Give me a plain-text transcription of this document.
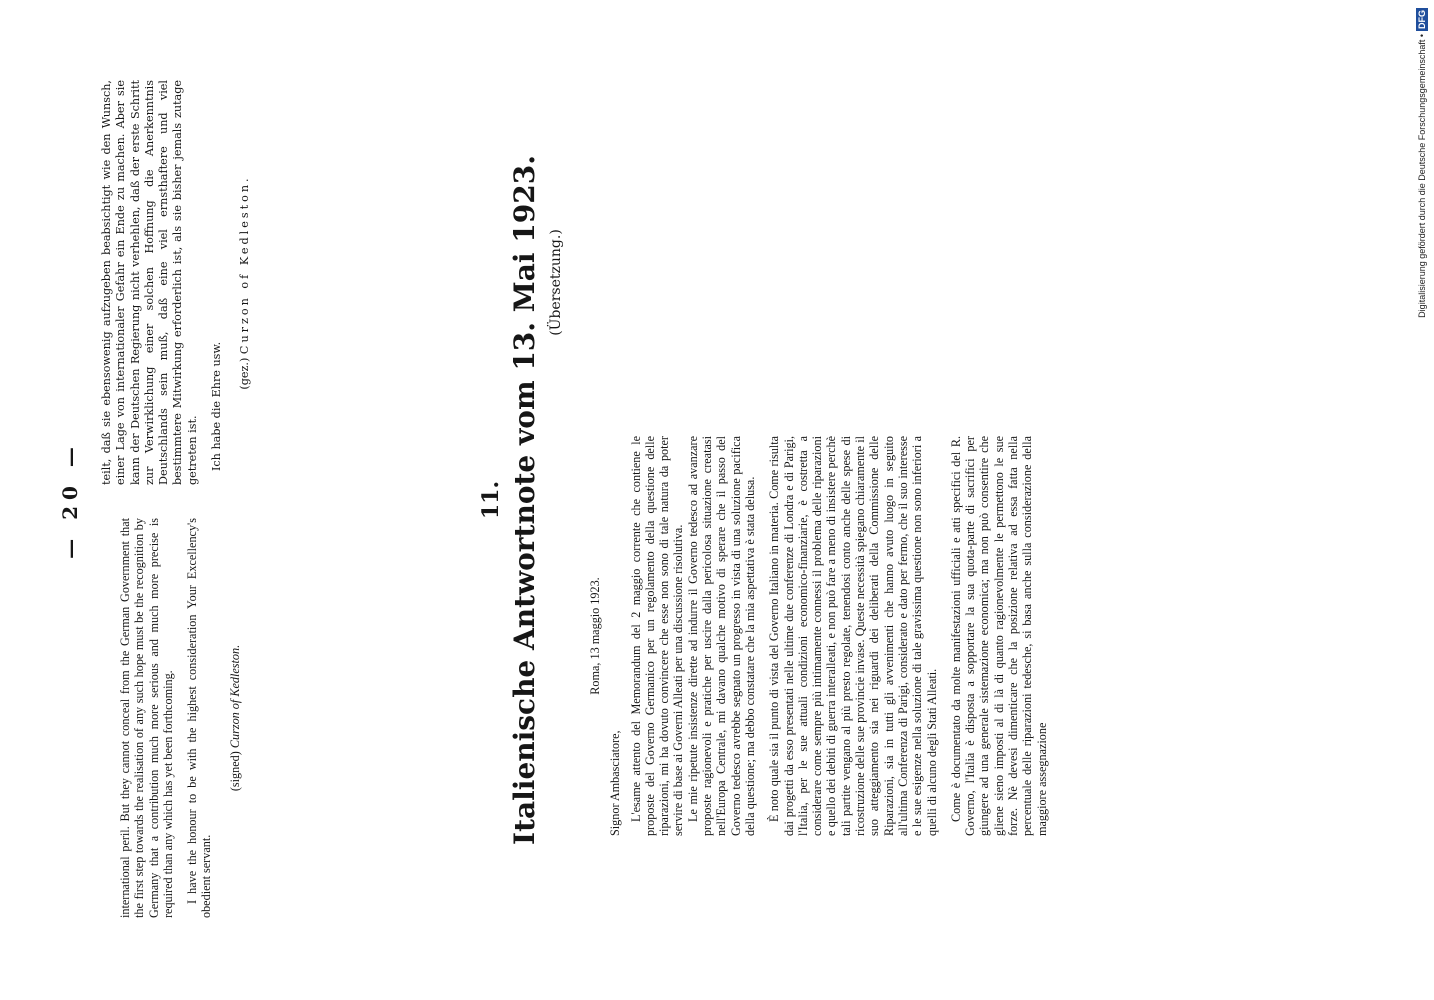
— 20 —

international peril. But they cannot conceal from the German Government that the first step towards the realisation of any such hope must be the recognition by Germany that a contribution much more serious and much more precise is required than any which has yet been forthcoming. I have the honour to be with the highest consideration Your Excellency's obedient servant.

(signed) Curzon of Kedleston.

teilt, daß sie ebensowenig aufzugeben beabsichtigt wie den Wunsch, einer Lage von internationaler Gefahr ein Ende zu machen. Aber sie kann der Deutschen Regierung nicht verhehlen, daß der erste Schritt zur Verwirklichung einer solchen Hoffnung die Anerkenntnis Deutschlands sein muß, daß eine viel ernsthaftere und viel bestimmtere Mitwirkung erforderlich ist, als sie bisher jemals zutage getreten ist. Ich habe die Ehre usw. (gez.) Curzon of Kedleston.

11. Italienische Antwortnote vom 13. Mai 1923. (Übersetzung.)

Roma, 13 maggio 1923.

Signor Ambasciatore, L'esame attento del Memorandum del 2 maggio corrente che contiene le proposte del Governo Germanico per un regolamento della questione delle riparazioni, mi ha dovuto convincere che esse non sono di tale natura da poter servire di base ai Governi Alleati per una discussione risolutiva. Le mie ripetute insistenze dirette ad indurre il Governo tedesco ad avanzare proposte ragionevoli e pratiche per uscire dalla pericolosa situazione creatasi nell'Europa Centrale, mi davano qualche motivo di sperare che il passo del Governo tedesco avrebbe segnato un progresso in vista di una soluzione pacifica della questione; ma debbo constatare che la mia aspettativa è stata delusa. È noto quale sia il punto di vista del Governo Italiano in materia. Come risulta dai progetti da esso presentati nelle ultime due conferenze di Londra e di Parigi, l'Italia, per le sue attuali condizioni economico-finanziarie, è costretta a considerare come sempre più intimamente connessi il problema delle riparazioni e quello dei debiti di guerra interalleati, e non può fare a meno di insistere perchè tali partite vengano al più presto regolate, tenendosi conto anche delle spese di ricostruzione delle sue provincie invase. Queste necessità spiegano chiaramente il suo atteggiamento sia nei riguardi dei deliberati della Commissione delle Riparazioni, sia in tutti gli avvenimenti che hanno avuto luogo in seguito all'ultima Conferenza di Parigi, considerato e dato per fermo, che il suo interesse e le sue esigenze nella soluzione di tale gravissima questione non sono inferiori a quelli di alcuno degli Stati Alleati. Come è documentato da molte manifestazioni ufficiali e atti specifici del R. Governo, l'Italia è disposta a sopportare la sua quota-parte di sacrifici per giungere ad una generale sistemazione economica; ma non può consentire che gliene sieno imposti al di là di quanto ragionevolmente le permettono le sue forze. Nè devesi dimenticare che la posizione relativa ad essa fatta nella percentuale delle riparazioni tedesche, si basa anche sulla considerazione della maggiore assegnazione

Digitalisierung gefördert durch die Deutsche Forschungsgemeinschaft •DFG
